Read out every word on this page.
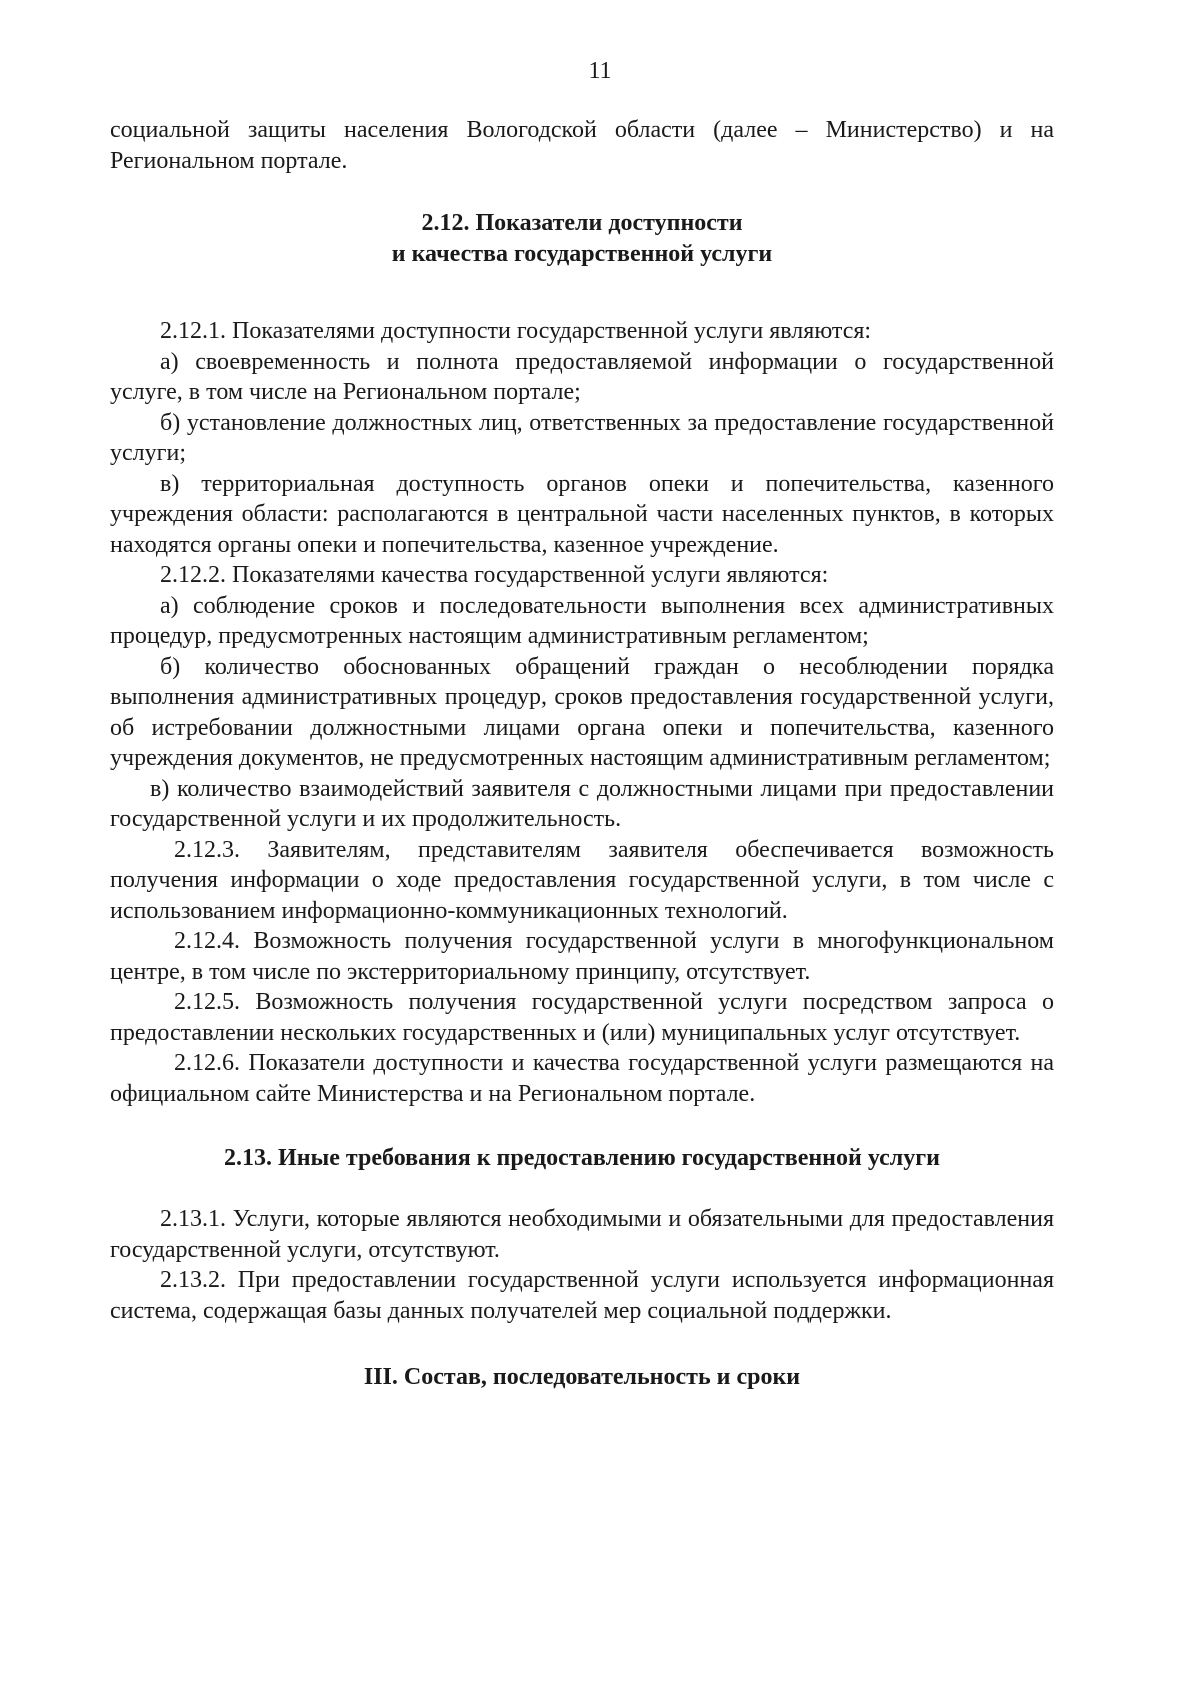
11

социальной защиты населения Вологодской области (далее – Министерство) и на Региональном портале.

2.12. Показатели доступности
и качества государственной услуги

2.12.1. Показателями доступности государственной услуги являются:

а) своевременность и полнота предоставляемой информации о государственной услуге, в том числе на Региональном портале;

б) установление должностных лиц, ответственных за предоставление государственной услуги;

в) территориальная доступность органов опеки и попечительства, казенного учреждения области: располагаются в центральной части населенных пунктов, в которых находятся органы опеки и попечительства, казенное учреждение.

2.12.2. Показателями качества государственной услуги являются:

а) соблюдение сроков и последовательности выполнения всех административных процедур, предусмотренных настоящим административным регламентом;

б) количество обоснованных обращений граждан о несоблюдении порядка выполнения административных процедур, сроков предоставления государственной услуги, об истребовании должностными лицами органа опеки и попечительства, казенного учреждения документов, не предусмотренных настоящим административным регламентом;

в) количество взаимодействий заявителя с должностными лицами при предоставлении государственной услуги и их продолжительность.

2.12.3. Заявителям, представителям заявителя обеспечивается возможность получения информации о ходе предоставления государственной услуги, в том числе с использованием информационно-коммуникационных технологий.

2.12.4. Возможность получения государственной услуги в многофункциональном центре, в том числе по экстерриториальному принципу, отсутствует.

2.12.5. Возможность получения государственной услуги посредством запроса о предоставлении нескольких государственных и (или) муниципальных услуг отсутствует.

2.12.6. Показатели доступности и качества государственной услуги размещаются на официальном сайте Министерства и на Региональном портале.

2.13. Иные требования к предоставлению государственной услуги

2.13.1. Услуги, которые являются необходимыми и обязательными для предоставления государственной услуги, отсутствуют.

2.13.2. При предоставлении государственной услуги используется информационная система, содержащая базы данных получателей мер социальной поддержки.

III. Состав, последовательность и сроки
